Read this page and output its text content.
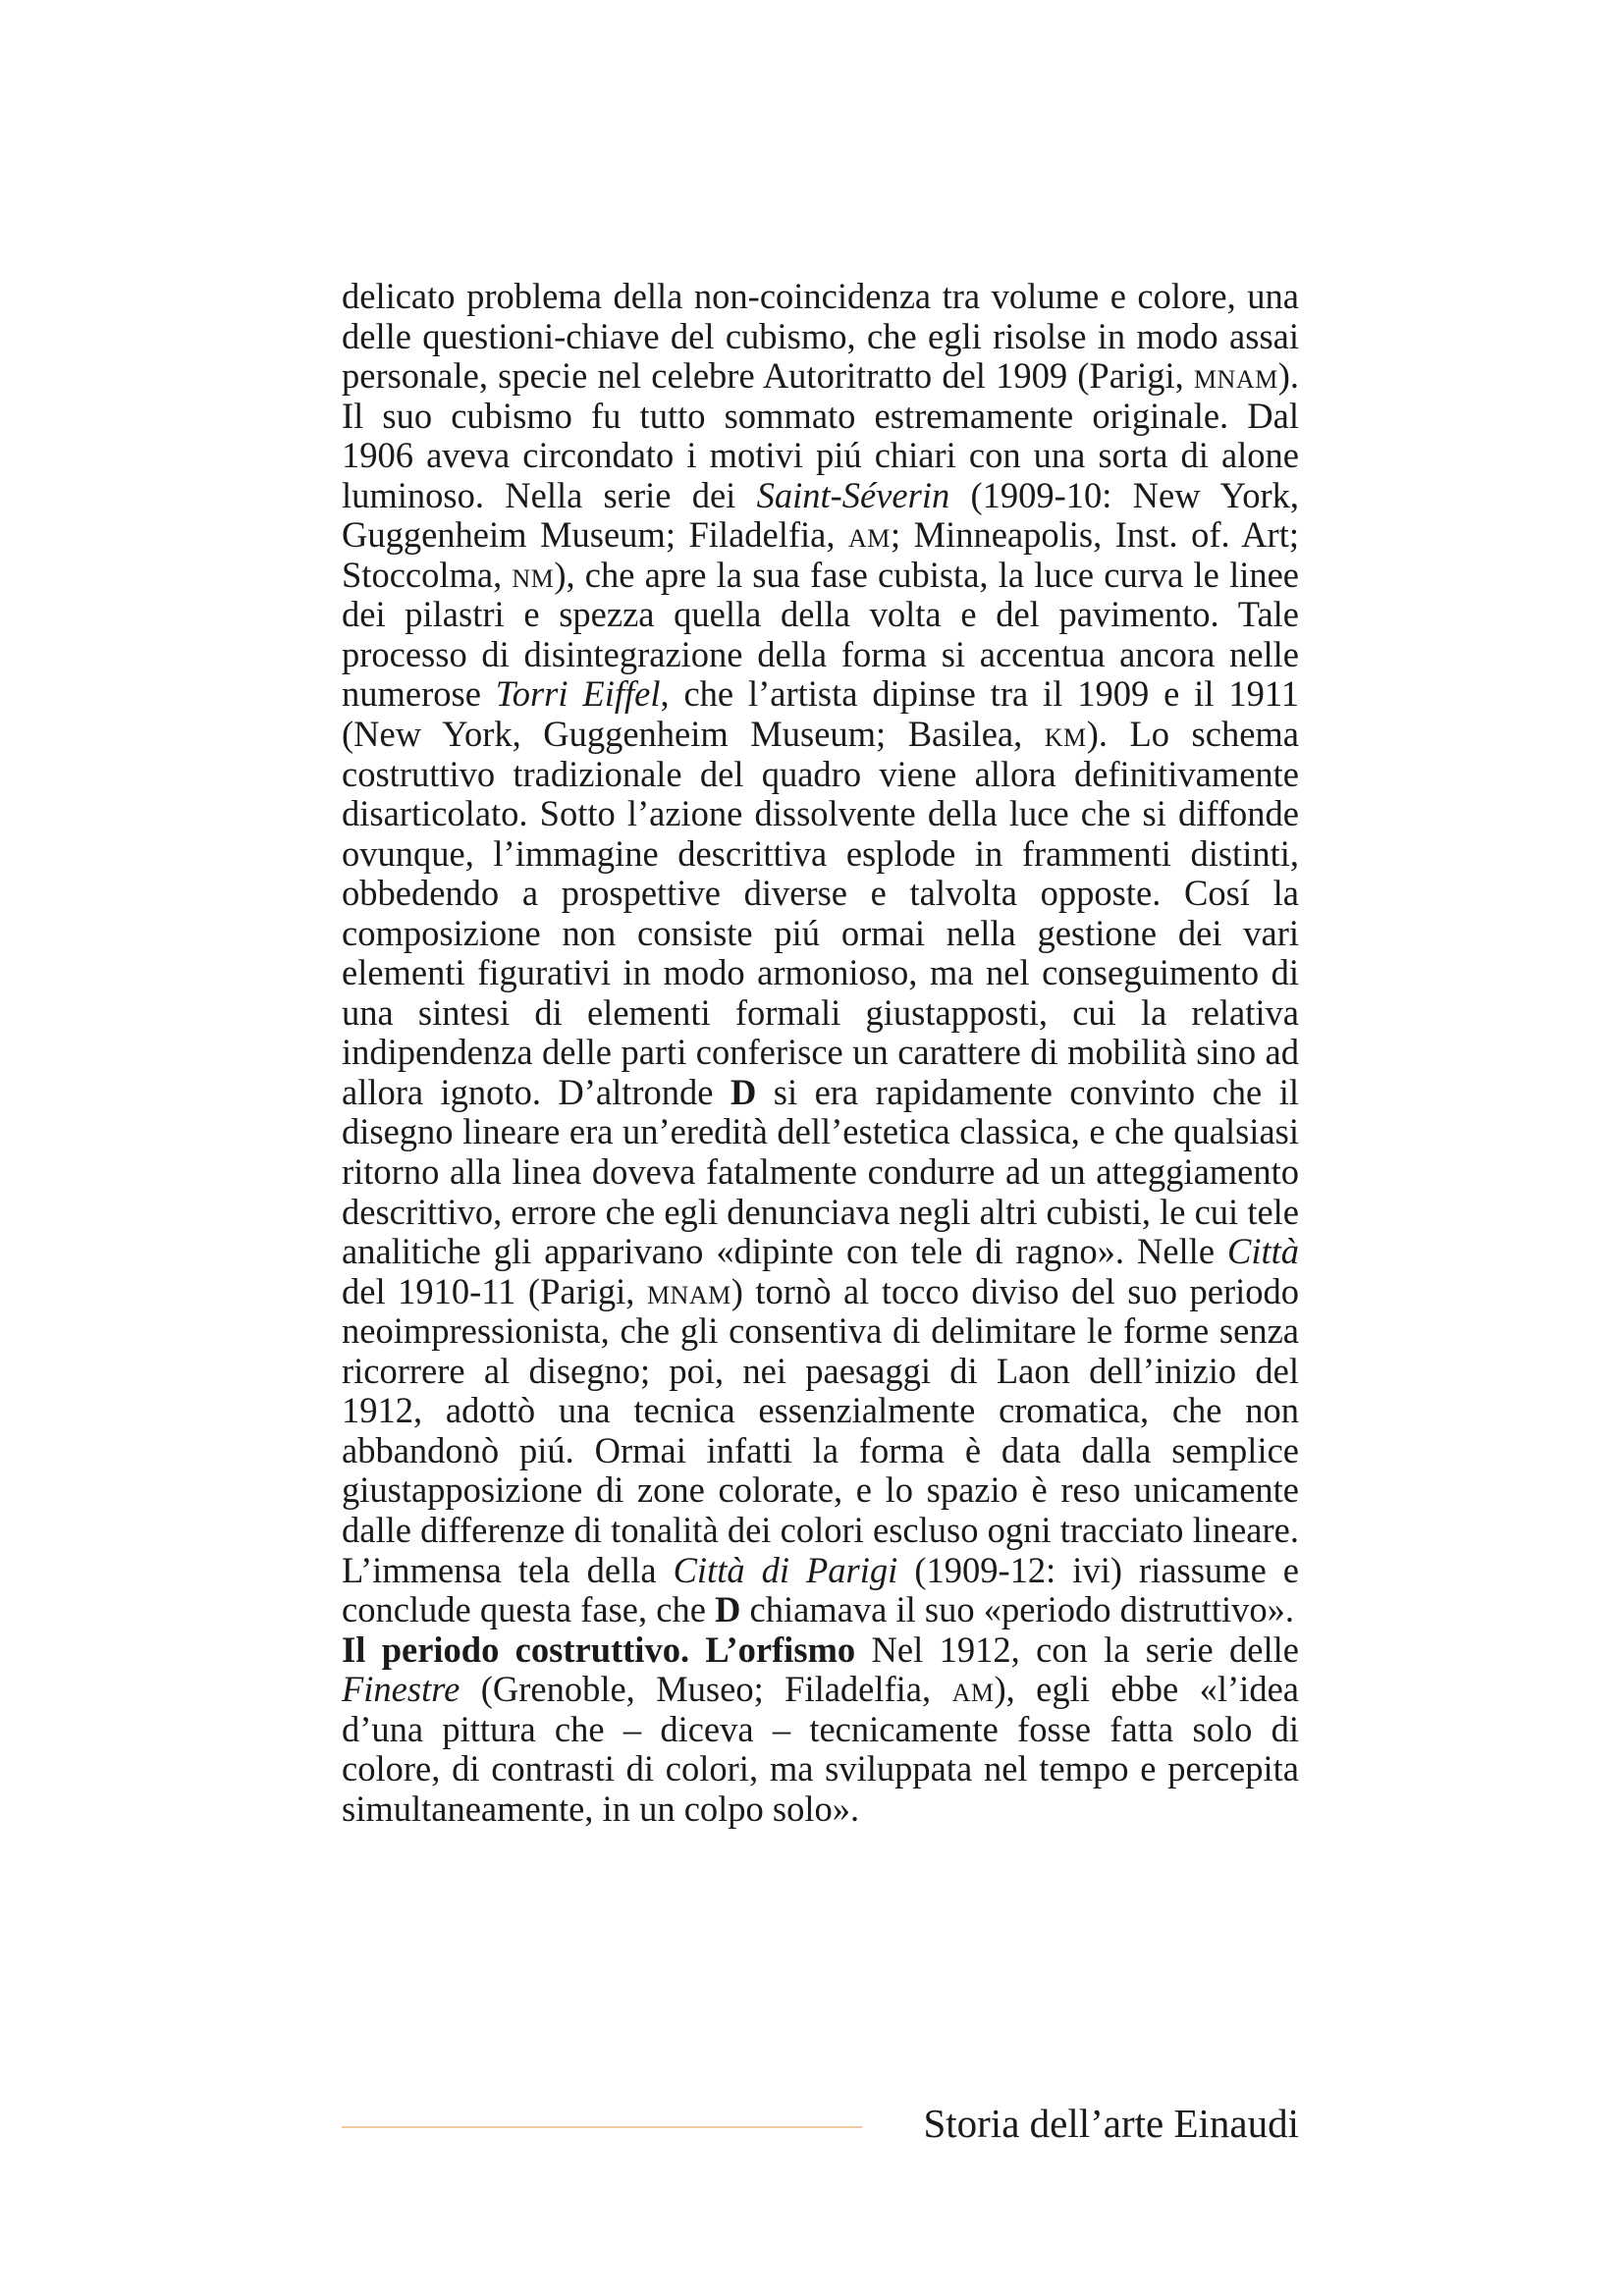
delicato problema della non-coincidenza tra volume e colore, una delle questioni-chiave del cubismo, che egli risolse in modo assai personale, specie nel celebre Autoritratto del 1909 (Parigi, mnam). Il suo cubismo fu tutto sommato estremamente originale. Dal 1906 aveva circondato i motivi piú chiari con una sorta di alone luminoso. Nella serie dei Saint-Séverin (1909-10: New York, Guggenheim Museum; Filadelfia, am; Minneapolis, Inst. of. Art; Stoccolma, nm), che apre la sua fase cubista, la luce curva le linee dei pilastri e spezza quella della volta e del pavimento. Tale processo di disintegrazione della forma si accentua ancora nelle numerose Torri Eiffel, che l’artista dipinse tra il 1909 e il 1911 (New York, Guggenheim Museum; Basilea, km). Lo schema costruttivo tradizionale del quadro viene allora definitivamente disarticolato. Sotto l’azione dissolvente della luce che si diffonde ovunque, l’immagine descrittiva esplode in frammenti distinti, obbedendo a prospettive diverse e talvolta opposte. Cosí la composizione non consiste piú ormai nella gestione dei vari elementi figurativi in modo armonioso, ma nel conseguimento di una sintesi di elementi formali giustapposti, cui la relativa indipendenza delle parti conferisce un carattere di mobilità sino ad allora ignoto. D’altronde D si era rapidamente convinto che il disegno lineare era un’eredità dell’estetica classica, e che qualsiasi ritorno alla linea doveva fatalmente condurre ad un atteggiamento descrittivo, errore che egli denunciava negli altri cubisti, le cui tele analitiche gli apparivano «dipinte con tele di ragno». Nelle Città del 1910-11 (Parigi, mnam) tornò al tocco diviso del suo periodo neoimpressionista, che gli consentiva di delimitare le forme senza ricorrere al disegno; poi, nei paesaggi di Laon dell’inizio del 1912, adottò una tecnica essenzialmente cromatica, che non abbandonò piú. Ormai infatti la forma è data dalla semplice giustapposizione di zone colorate, e lo spazio è reso unicamente dalle differenze di tonalità dei colori escluso ogni tracciato lineare. L’immensa tela della Città di Parigi (1909-12: ivi) riassume e conclude questa fase, che D chiamava il suo «periodo distruttivo».

Il periodo costruttivo. L’orfismo Nel 1912, con la serie delle Finestre (Grenoble, Museo; Filadelfia, am), egli ebbe «l’idea d’una pittura che – diceva – tecnicamente fosse fatta solo di colore, di contrasti di colori, ma sviluppata nel tempo e percepita simultaneamente, in un colpo solo».

Storia dell’arte Einaudi
